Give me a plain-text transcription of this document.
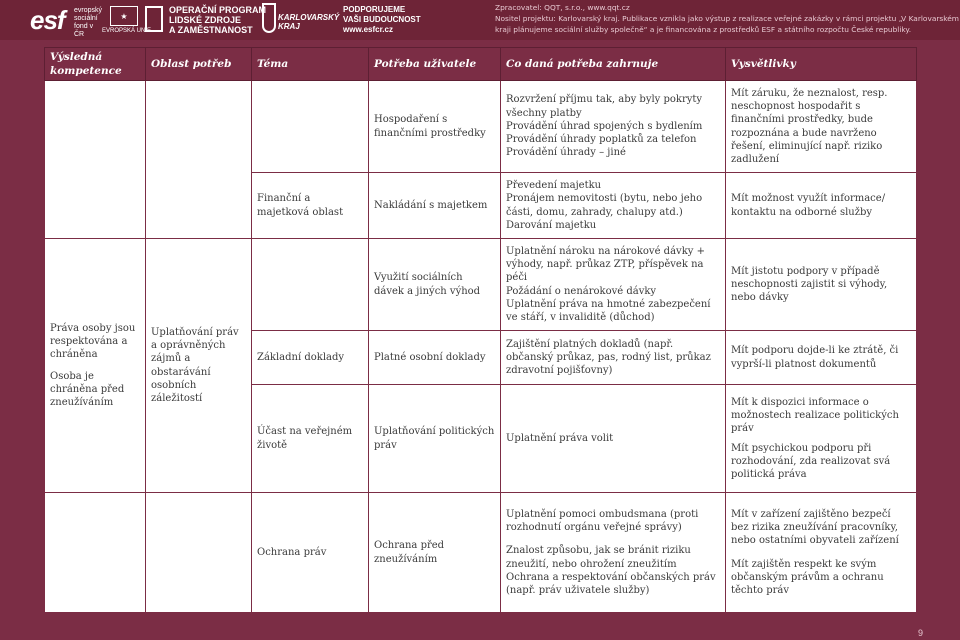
esf evropský
sociální
fond v ČR
★
EVROPSKÁ UNIE
OPERAČNÍ PROGRAM
LIDSKÉ ZDROJE
A ZAMĚSTNANOST
KARLOVARSKÝ
KRAJ
PODPORUJEME
VAŠI BUDOUCNOST
www.esfcr.cz
Zpracovatel: QQT, s.r.o., www.qqt.cz
Nositel projektu: Karlovarský kraj. Publikace vznikla jako výstup z realizace veřejné zakázky v rámci projektu „V Karlovarském
kraji plánujeme sociální služby společně“ a je financována z prostředků ESF a státního rozpočtu České republiky.
Výsledná kompetence	Oblast potřeb	Téma	Potřeba uživatele	Co daná potřeba zahrnuje	Vysvětlivky
			Hospodaření s finančními prostředky	Rozvržení příjmu tak, aby byly pokryty všechny platby
Provádění úhrad spojených s bydlením
Provádění úhrady poplatků za telefon
Provádění úhrady – jiné	Mít záruku, že neznalost, resp. neschopnost hospodařit s finančními prostředky, bude rozpoznána a bude navrženo řešení, eliminující např. riziko zadlužení
		Finanční a majetková oblast	Nakládání s majetkem	Převedení majetku
Pronájem nemovitosti (bytu, nebo jeho části, domu, zahrady, chalupy atd.)
Darování majetku	Mít možnost využít informace/ kontaktu na odborné služby

Práva osoby jsou respektována a chráněna
Osoba je chráněna před zneužíváním	Uplatňování práv a oprávněných zájmů a obstarávání osobních záležitostí		Využití sociálních dávek a jiných výhod	Uplatnění nároku na nárokové dávky + výhody, např. průkaz ZTP, příspěvek na péči
Požádání o nenárokové dávky
Uplatnění práva na hmotné zabezpečení ve stáří, v invaliditě (důchod)	Mít jistotu podpory v případě neschopnosti zajistit si výhody, nebo dávky
		Základní doklady	Platné osobní doklady	Zajištění platných dokladů (např. občanský průkaz, pas, rodný list, průkaz zdravotní pojišťovny)	Mít podporu dojde-li ke ztrátě, či vyprší-li platnost dokumentů
		Účast na veřejném životě	Uplatňování politických práv	Uplatnění práva volit	Mít k dispozici informace o možnostech realizace politických práv
Mít psychickou podporu při rozhodování, zda realizovat svá politická práva

		Ochrana práv	Ochrana před zneužíváním	Uplatnění pomoci ombudsmana (proti rozhodnutí orgánu veřejné správy)
Znalost způsobu, jak se bránit riziku zneužití, nebo ohrožení zneužitím
Ochrana a respektování občanských práv (např. práv uživatele služby)	Mít v zařízení zajištěno bezpečí bez rizika zneužívání pracovníky, nebo ostatními obyvateli zařízení
Mít zajištěn respekt ke svým občanským právům a ochranu těchto práv
9
